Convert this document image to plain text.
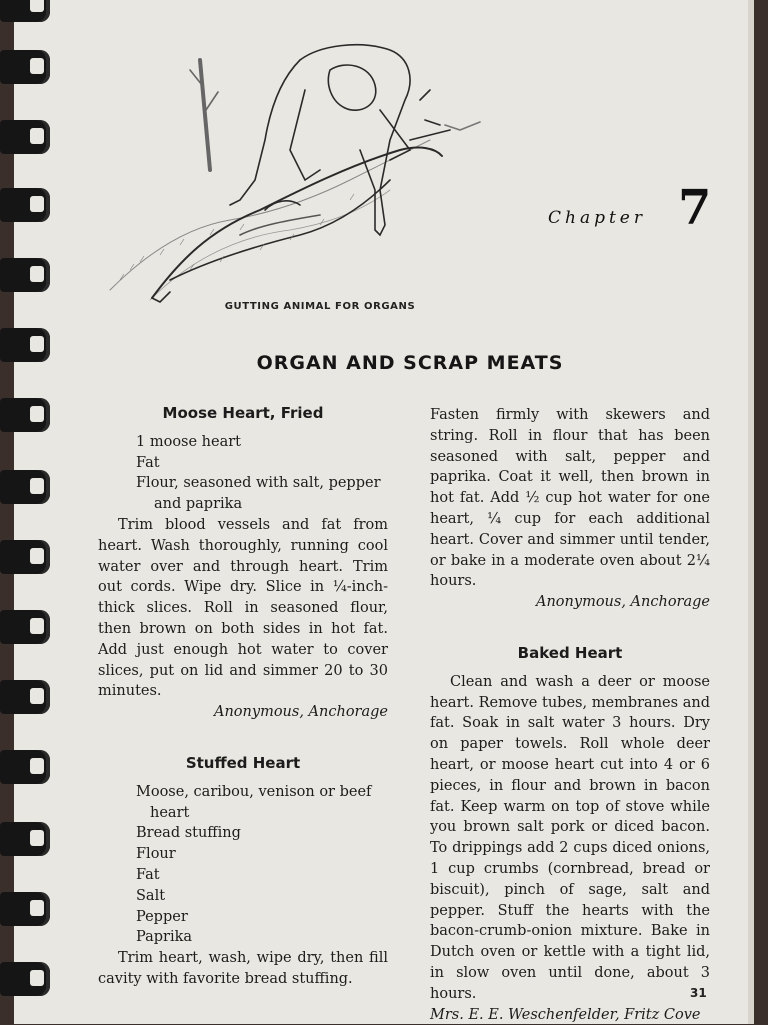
GUTTING ANIMAL FOR ORGANS
Chapter 7
ORGAN AND SCRAP MEATS
Moose Heart, Fried
1 moose heart
Fat
Flour, seasoned with salt, pepper
and paprika
Trim blood vessels and fat from heart. Wash thoroughly, running cool water over and through heart. Trim out cords. Wipe dry. Slice in ¼-inch-thick slices. Roll in seasoned flour, then brown on both sides in hot fat. Add just enough hot water to cover slices, put on lid and simmer 20 to 30 minutes.
Anonymous, Anchorage
Stuffed Heart
Moose, caribou, venison or beef
heart
Bread stuffing
Flour
Fat
Salt
Pepper
Paprika
Trim heart, wash, wipe dry, then fill cavity with favorite bread stuffing.
Fasten firmly with skewers and string. Roll in flour that has been seasoned with salt, pepper and paprika. Coat it well, then brown in hot fat. Add ½ cup hot water for one heart, ¼ cup for each additional heart. Cover and simmer until tender, or bake in a moderate oven about 2¼ hours.
Anonymous, Anchorage
Baked Heart
Clean and wash a deer or moose heart. Remove tubes, membranes and fat. Soak in salt water 3 hours. Dry on paper towels. Roll whole deer heart, or moose heart cut into 4 or 6 pieces, in flour and brown in bacon fat. Keep warm on top of stove while you brown salt pork or diced bacon. To drippings add 2 cups diced onions, 1 cup crumbs (cornbread, bread or biscuit), pinch of sage, salt and pepper. Stuff the hearts with the bacon-crumb-onion mixture. Bake in Dutch oven or kettle with a tight lid, in slow oven until done, about 3 hours.
Mrs. E. E. Weschenfelder, Fritz Cove
31
